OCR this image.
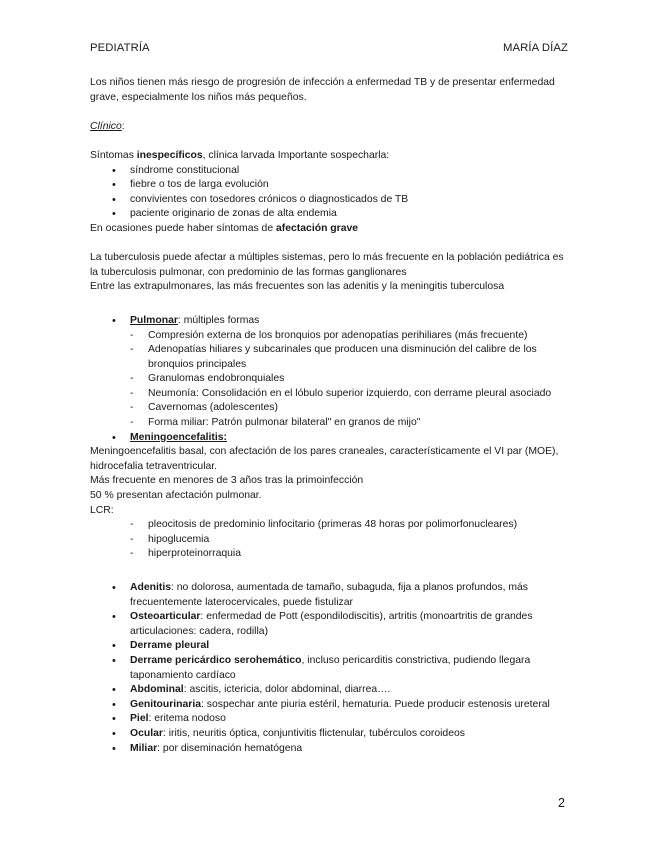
PEDIATRÍA	MARÍA DÍAZ

Los niños tienen más riesgo de progresión de infección a enfermedad TB y de presentar enfermedad grave, especialmente los niños más pequeños.

Clínico:

Síntomas inespecíficos, clínica larvada Importante sospecharla:

• síndrome constitucional
• fiebre o tos de larga evolución
• convivientes con tosedores crónicos o diagnosticados de TB
• paciente originario de zonas de alta endemia

En ocasiones puede haber síntomas de afectación grave

La tuberculosis puede afectar a múltiples sistemas, pero lo más frecuente en la población pediátrica es la tuberculosis pulmonar, con predominio de las formas ganglionares

Entre las extrapulmonares, las más frecuentes son las adenitis y la meningitis tuberculosa

• Pulmonar: múltiples formas
- Compresión externa de los bronquios por adenopatías perihiliares (más frecuente)
- Adenopatías hiliares y subcarinales que producen una disminución del calibre de los bronquios principales
- Granulomas endobronquiales
- Neumonía: Consolidación en el lóbulo superior izquierdo, con derrame pleural asociado
- Cavernomas (adolescentes)
- Forma miliar: Patrón pulmonar bilateral" en granos de mijo"
• Meningoencefalitis:

Meningoencefalitis basal, con afectación de los pares craneales, característicamente el VI par (MOE), hidrocefalia tetraventricular.

Más frecuente en menores de 3 años tras la primoinfección

50 % presentan afectación pulmonar.

LCR:

- pleocitosis de predominio linfocitario (primeras 48 horas por polimorfonucleares)
- hipoglucemia
- hiperproteinorraquia
• Adenitis: no dolorosa, aumentada de tamaño, subaguda, fija a planos profundos, más frecuentemente laterocervicales, puede fistulizar
• Osteoarticular: enfermedad de Pott (espondilodiscitis), artritis (monoartritis de grandes articulaciones: cadera, rodilla)
• Derrame pleural
• Derrame pericárdico serohemático, incluso pericarditis constrictiva, pudiendo llegara taponamiento cardíaco
• Abdominal: ascitis, ictericia, dolor abdominal, diarrea….
• Genitourinaria: sospechar ante piuria estéril, hematuria. Puede producir estenosis ureteral
• Piel: eritema nodoso
• Ocular: iritis, neuritis óptica, conjuntivitis flictenular, tubérculos coroideos
• Miliar: por diseminación hematógena
2
